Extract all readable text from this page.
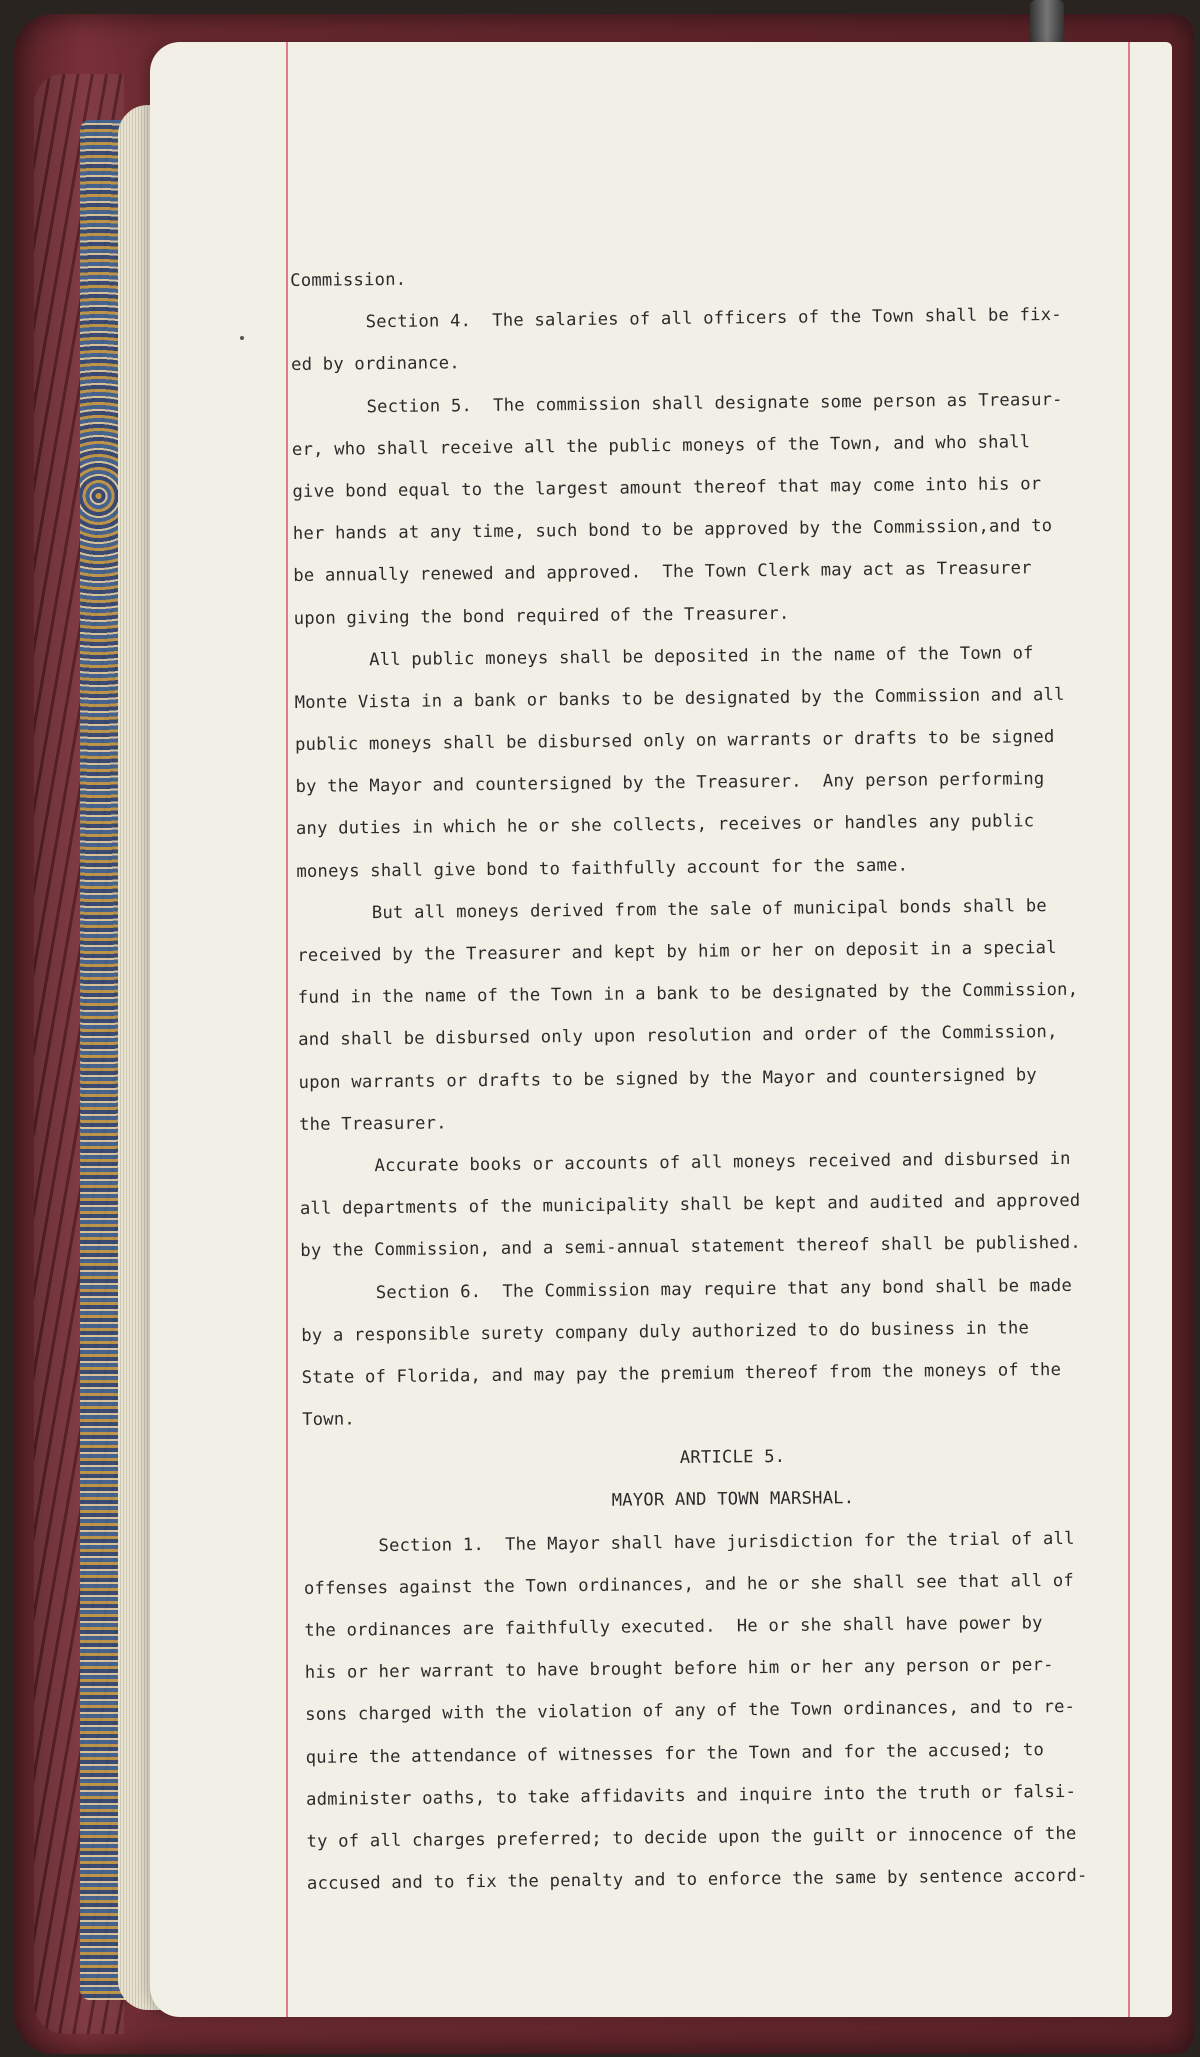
Commission.
Section 4.  The salaries of all officers of the Town shall be fix-
ed by ordinance.
Section 5.  The commission shall designate some person as Treasur-
er, who shall receive all the public moneys of the Town, and who shall
give bond equal to the largest amount thereof that may come into his or
her hands at any time, such bond to be approved by the Commission,and to
be annually renewed and approved.  The Town Clerk may act as Treasurer
upon giving the bond required of the Treasurer.
All public moneys shall be deposited in the name of the Town of
Monte Vista in a bank or banks to be designated by the Commission and all
public moneys shall be disbursed only on warrants or drafts to be signed
by the Mayor and countersigned by the Treasurer.  Any person performing
any duties in which he or she collects, receives or handles any public
moneys shall give bond to faithfully account for the same.
But all moneys derived from the sale of municipal bonds shall be
received by the Treasurer and kept by him or her on deposit in a special
fund in the name of the Town in a bank to be designated by the Commission,
and shall be disbursed only upon resolution and order of the Commission,
upon warrants or drafts to be signed by the Mayor and countersigned by
the Treasurer.
Accurate books or accounts of all moneys received and disbursed in
all departments of the municipality shall be kept and audited and approved
by the Commission, and a semi-annual statement thereof shall be published.
Section 6.  The Commission may require that any bond shall be made
by a responsible surety company duly authorized to do business in the
State of Florida, and may pay the premium thereof from the moneys of the
Town.
ARTICLE 5.
MAYOR AND TOWN MARSHAL.
Section 1.  The Mayor shall have jurisdiction for the trial of all
offenses against the Town ordinances, and he or she shall see that all of
the ordinances are faithfully executed.  He or she shall have power by
his or her warrant to have brought before him or her any person or per-
sons charged with the violation of any of the Town ordinances, and to re-
quire the attendance of witnesses for the Town and for the accused; to
administer oaths, to take affidavits and inquire into the truth or falsi-
ty of all charges preferred; to decide upon the guilt or innocence of the
accused and to fix the penalty and to enforce the same by sentence accord-
